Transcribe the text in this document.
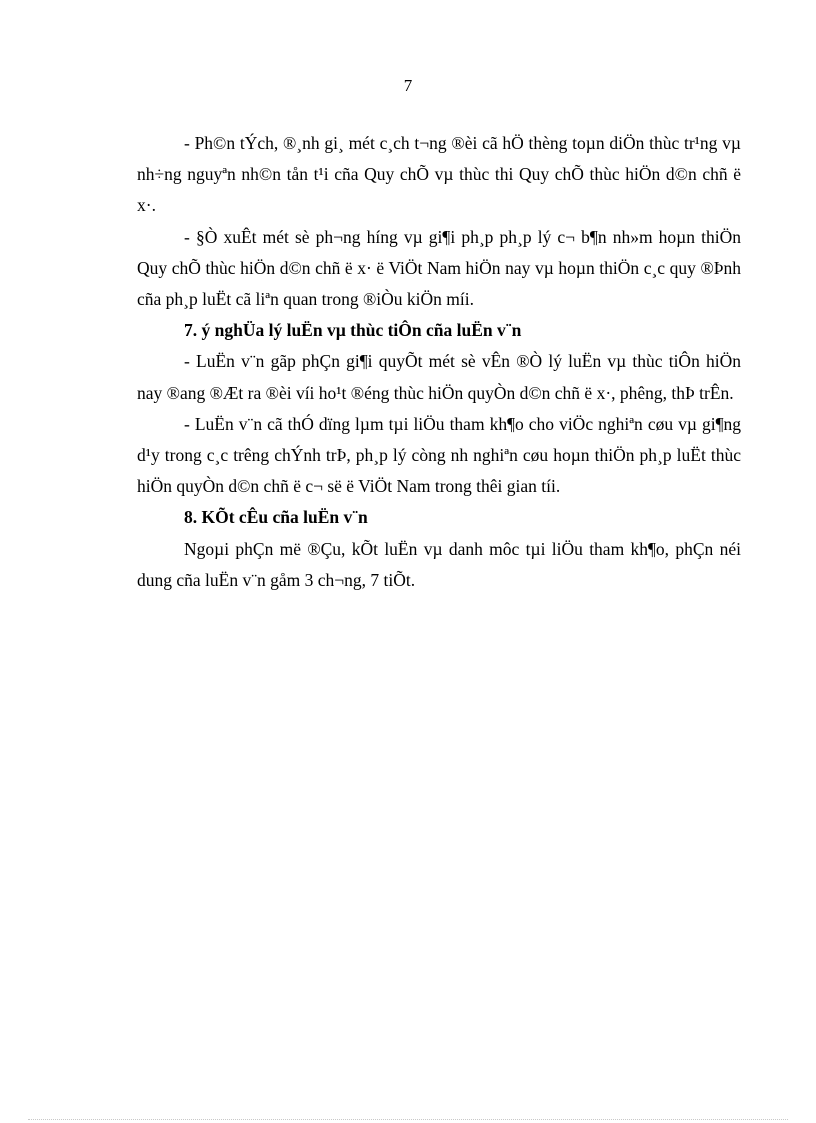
7

- Ph©n tÝch, ®¸nh gi¸ mét c¸ch t¬ng ®èi cã hÖ thèng toµn diÖn thùc tr¹ng vµ nh÷ng nguyªn nh©n tån t¹i cña Quy chÕ vµ thùc thi Quy chÕ thùc hiÖn d©n chñ ë x·.

- §Ò xuÊt mét sè ph¬ng híng vµ gi¶i ph¸p ph¸p lý c¬ b¶n nh»m hoµn thiÖn Quy chÕ thùc hiÖn d©n chñ ë x· ë ViÖt Nam hiÖn nay vµ hoµn thiÖn c¸c quy ®Þnh cña ph¸p luËt cã liªn quan trong ®iÒu kiÖn míi.

7. ý nghÜa lý luËn vµ thùc tiÔn cña luËn v¨n

- LuËn v¨n gãp phÇn gi¶i quyÕt mét sè vÊn ®Ò lý luËn vµ thùc tiÔn hiÖn nay ®ang ®Æt ra ®èi víi ho¹t ®éng thùc hiÖn quyÒn d©n chñ ë x·, phêng, thÞ trÊn.

- LuËn v¨n cã thÓ dïng lµm tµi liÖu tham kh¶o cho viÖc nghiªn cøu vµ gi¶ng d¹y trong c¸c trêng chÝnh trÞ, ph¸p lý còng nh nghiªn cøu hoµn thiÖn ph¸p luËt thùc hiÖn quyÒn d©n chñ ë c¬ së ë ViÖt Nam trong thêi gian tíi.

8. KÕt cÊu cña luËn v¨n

Ngoµi phÇn më ®Çu, kÕt luËn vµ danh môc tµi liÖu tham kh¶o, phÇn néi dung cña luËn v¨n gåm 3 ch¬ng, 7 tiÕt.
